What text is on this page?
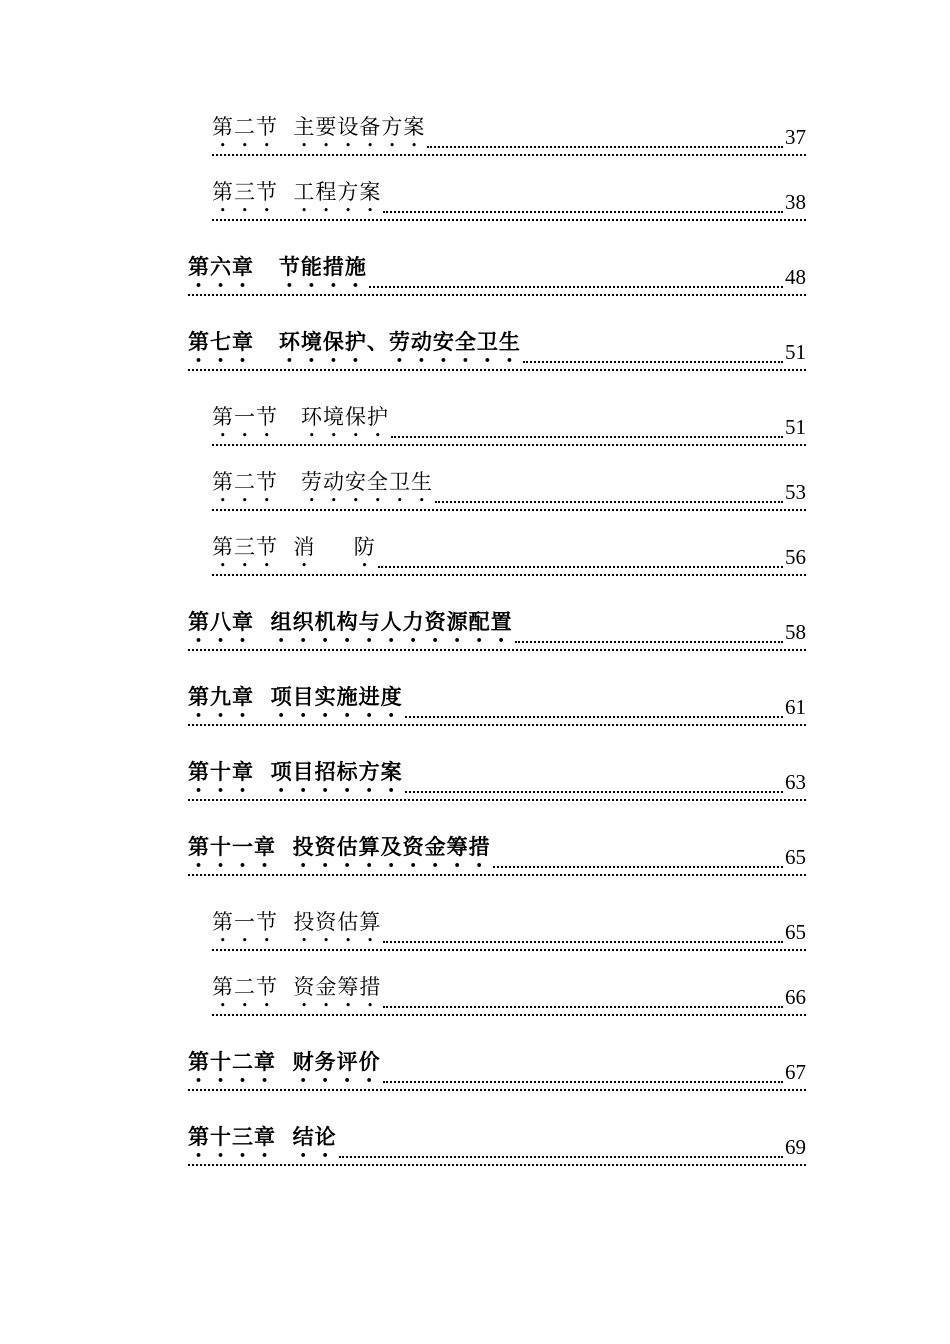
第二节  主要设备方案	37
第三节  工程方案	38
第六章   节能措施	48
第七章   环境保护、劳动安全卫生	51
第一节   环境保护	51
第二节   劳动安全卫生	53
第三节  消     防	56
第八章  组织机构与人力资源配置	58
第九章  项目实施进度	61
第十章  项目招标方案	63
第十一章  投资估算及资金筹措	65
第一节  投资估算	65
第二节  资金筹措	66
第十二章  财务评价	67
第十三章  结论	69
